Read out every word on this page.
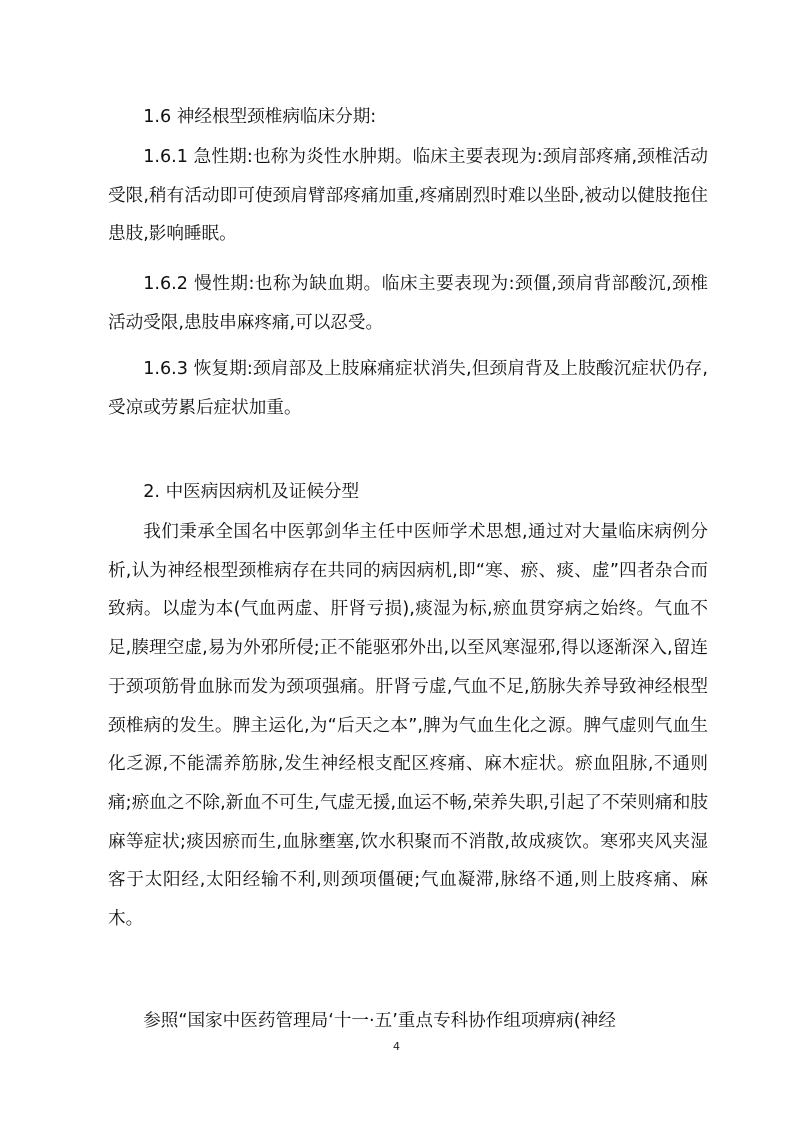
1.6 神经根型颈椎病临床分期:

1.6.1 急性期:也称为炎性水肿期。临床主要表现为:颈肩部疼痛,颈椎活动受限,稍有活动即可使颈肩臂部疼痛加重,疼痛剧烈时难以坐卧,被动以健肢拖住患肢,影响睡眠。

1.6.2 慢性期:也称为缺血期。临床主要表现为:颈僵,颈肩背部酸沉,颈椎活动受限,患肢串麻疼痛,可以忍受。

1.6.3 恢复期:颈肩部及上肢麻痛症状消失,但颈肩背及上肢酸沉症状仍存,受凉或劳累后症状加重。

2. 中医病因病机及证候分型

我们秉承全国名中医郭剑华主任中医师学术思想,通过对大量临床病例分析,认为神经根型颈椎病存在共同的病因病机,即“寒、瘀、痰、虚”四者杂合而致病。以虚为本(气血两虚、肝肾亏损),痰湿为标,瘀血贯穿病之始终。气血不足,腠理空虚,易为外邪所侵;正不能驱邪外出,以至风寒湿邪,得以逐渐深入,留连于颈项筋骨血脉而发为颈项强痛。肝肾亏虚,气血不足,筋脉失养导致神经根型颈椎病的发生。脾主运化,为“后天之本”,脾为气血生化之源。脾气虚则气血生化乏源,不能濡养筋脉,发生神经根支配区疼痛、麻木症状。瘀血阻脉,不通则痛;瘀血之不除,新血不可生,气虚无援,血运不畅,荣养失职,引起了不荣则痛和肢麻等症状;痰因瘀而生,血脉壅塞,饮水积聚而不消散,故成痰饮。寒邪夹风夹湿客于太阳经,太阳经输不利,则颈项僵硬;气血凝滞,脉络不通,则上肢疼痛、麻木。

参照“国家中医药管理局‘十一·五’重点专科协作组项痹病(神经

4
